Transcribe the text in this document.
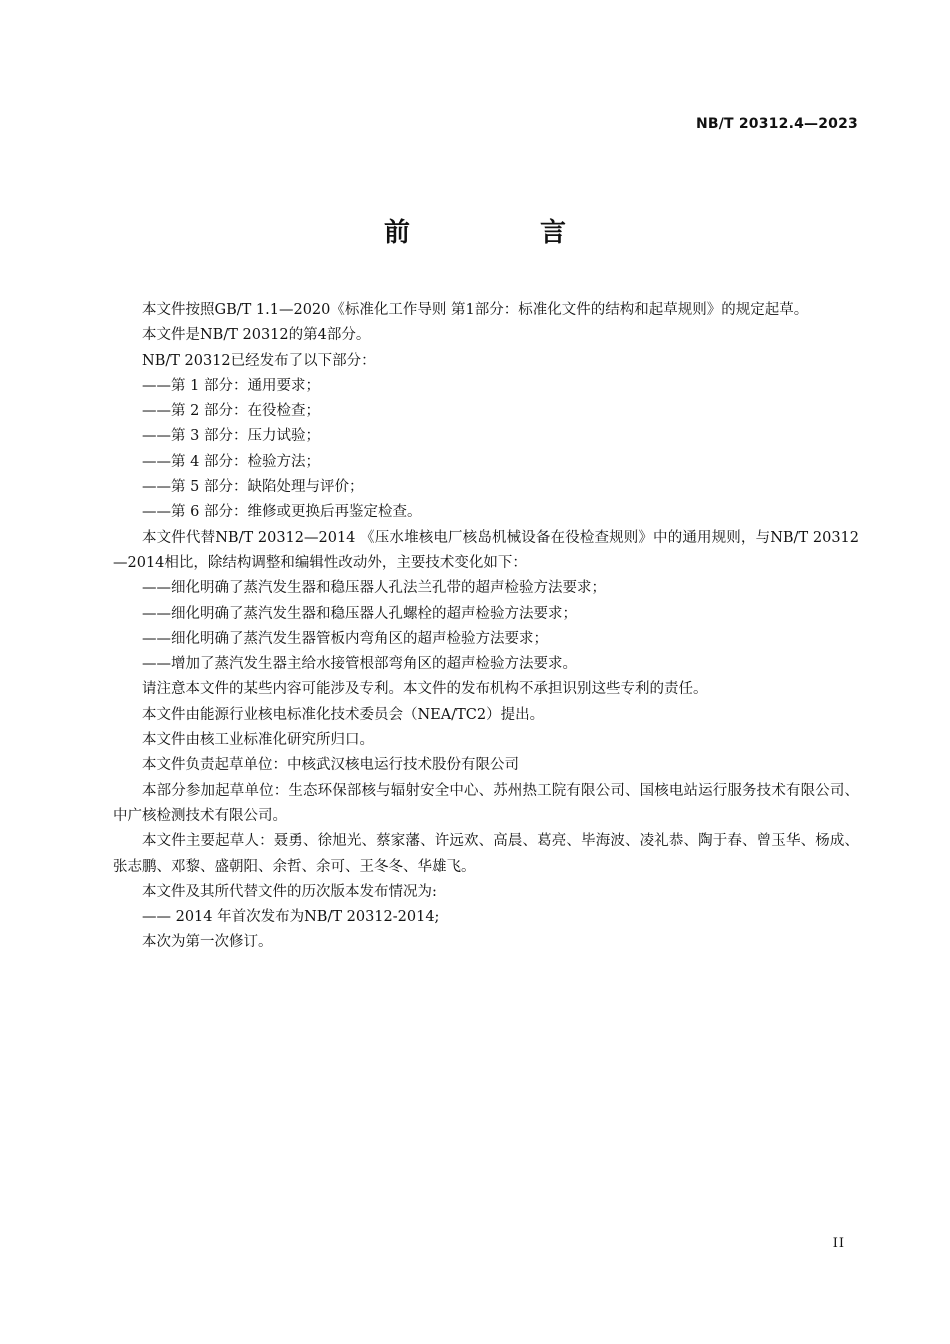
NB/T 20312.4—2023
前　言

本文件按照GB/T 1.1—2020《标准化工作导则 第1部分：标准化文件的结构和起草规则》的规定起草。

本文件是NB/T 20312的第4部分。

NB/T 20312已经发布了以下部分：

——第 1 部分：通用要求；

——第 2 部分：在役检查；

——第 3 部分：压力试验；

——第 4 部分：检验方法；

——第 5 部分：缺陷处理与评价；

——第 6 部分：维修或更换后再鉴定检查。

本文件代替NB/T 20312—2014 《压水堆核电厂核岛机械设备在役检查规则》中的通用规则，与NB/T 20312—2014相比，除结构调整和编辑性改动外，主要技术变化如下：

——细化明确了蒸汽发生器和稳压器人孔法兰孔带的超声检验方法要求；

——细化明确了蒸汽发生器和稳压器人孔螺栓的超声检验方法要求；

——细化明确了蒸汽发生器管板内弯角区的超声检验方法要求；

——增加了蒸汽发生器主给水接管根部弯角区的超声检验方法要求。

请注意本文件的某些内容可能涉及专利。本文件的发布机构不承担识别这些专利的责任。

本文件由能源行业核电标准化技术委员会（NEA/TC2）提出。

本文件由核工业标准化研究所归口。

本文件负责起草单位：中核武汉核电运行技术股份有限公司

本部分参加起草单位：生态环保部核与辐射安全中心、苏州热工院有限公司、国核电站运行服务技术有限公司、中广核检测技术有限公司。

本文件主要起草人：聂勇、徐旭光、蔡家藩、许远欢、高晨、葛亮、毕海波、凌礼恭、陶于春、曾玉华、杨成、张志鹏、邓黎、盛朝阳、余哲、余可、王冬冬、华雄飞。

本文件及其所代替文件的历次版本发布情况为:

—— 2014 年首次发布为NB/T 20312-2014;

本次为第一次修订。

II
